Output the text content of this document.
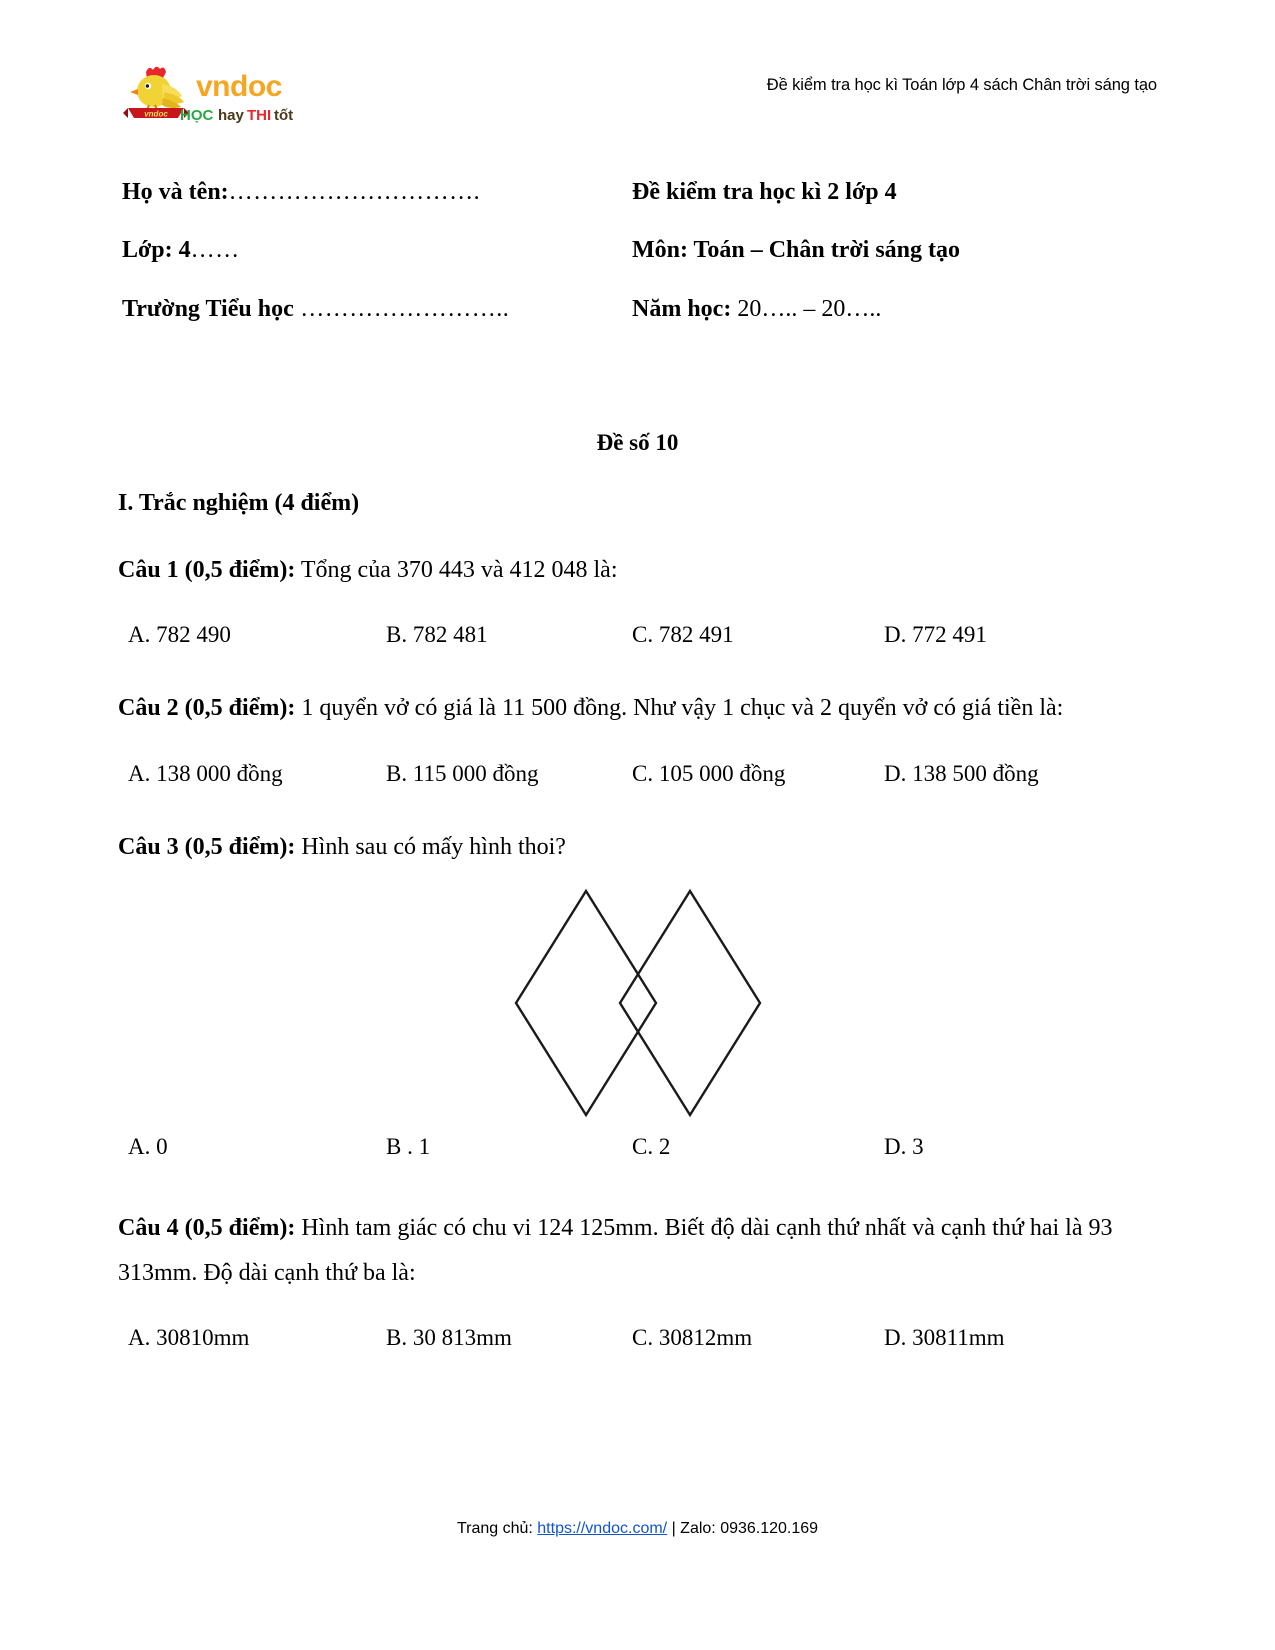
vndoc
vndoc
HỌC hay THI tốt
Đề kiểm tra học kì Toán lớp 4 sách Chân trời sáng tạo
Họ và tên:………………………….	Đề kiểm tra học kì 2 lớp 4
Lớp: 4……	Môn: Toán – Chân trời sáng tạo
Trường Tiểu học ……………………..	Năm học: 20….. – 20…..
Đề số 10
I. Trắc nghiệm (4 điểm)

Câu 1 (0,5 điểm): Tổng của 370 443 và 412 048 là:

A. 782 490	B. 782 481	C. 782 491	D. 772 491

Câu 2 (0,5 điểm): 1 quyển vở có giá là 11 500 đồng. Như vậy 1 chục và 2 quyển vở có giá tiền là:

A. 138 000 đồng	B. 115 000 đồng	C. 105 000 đồng	D. 138 500 đồng

Câu 3 (0,5 điểm): Hình sau có mấy hình thoi?

A. 0	B . 1	C. 2	D. 3

Câu 4 (0,5 điểm): Hình tam giác có chu vi 124 125mm. Biết độ dài cạnh thứ nhất và cạnh thứ hai là 93 313mm. Độ dài cạnh thứ ba là:

A. 30810mm	B. 30 813mm	C. 30812mm	D. 30811mm
Trang chủ: https://vndoc.com/ | Zalo: 0936.120.169
